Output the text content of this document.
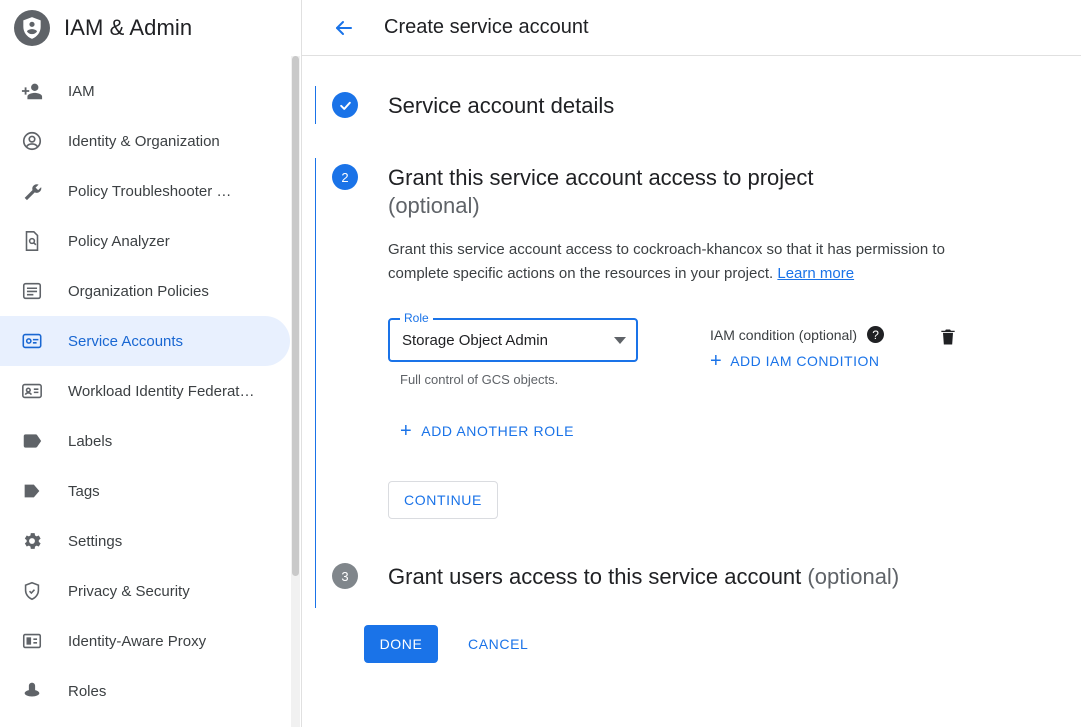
IAM & Admin
IAM
Identity & Organization
Policy Troubleshooter …
Policy Analyzer
Organization Policies
Service Accounts
Workload Identity Federat…
Labels
Tags
Settings
Privacy & Security
Identity-Aware Proxy
Roles
Create service account
Service account details
2	Grant this service account access to project
(optional)
Grant this service account access to cockroach-khancox so that it has permission to complete specific actions on the resources in your project. Learn more
Role
Storage Object Admin
Full control of GCS objects.
IAM condition (optional)	?
+ ADD IAM CONDITION
+ ADD ANOTHER ROLE
CONTINUE
3	Grant users access to this service account (optional)
DONE	CANCEL
